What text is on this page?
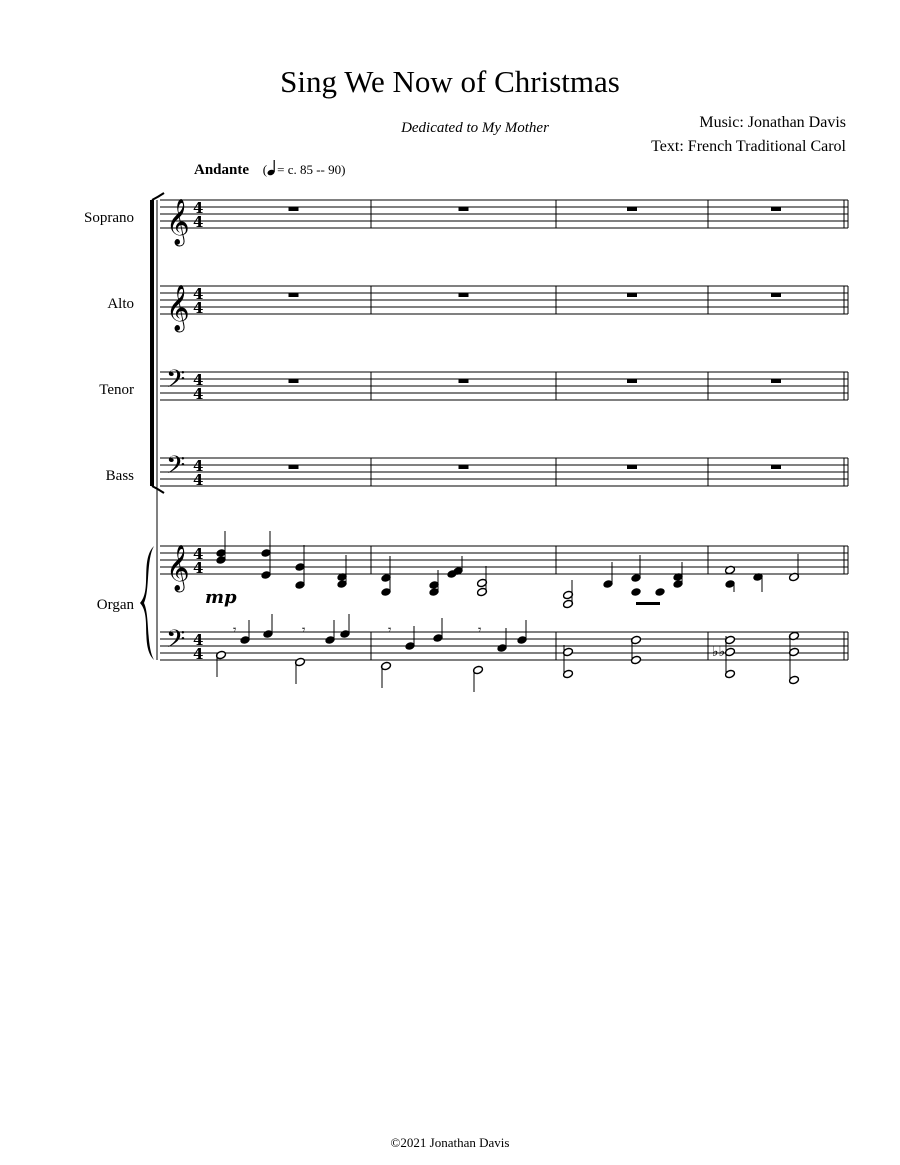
Sing We Now of Christmas
Dedicated to My Mother	Music: Jonathan Davis
Text: French Traditional Carol
Andante ( = c. 85 -- 90)
Soprano
Alto
Tenor
Bass
Organ
𝄞 4
4
𝄞 4
4
𝄢 4
4
𝄢 4
4
𝄞 4
4
𝄢 4
4
𝄾	𝄾	𝄾	𝄾
♭♭
mp
©2021 Jonathan Davis
